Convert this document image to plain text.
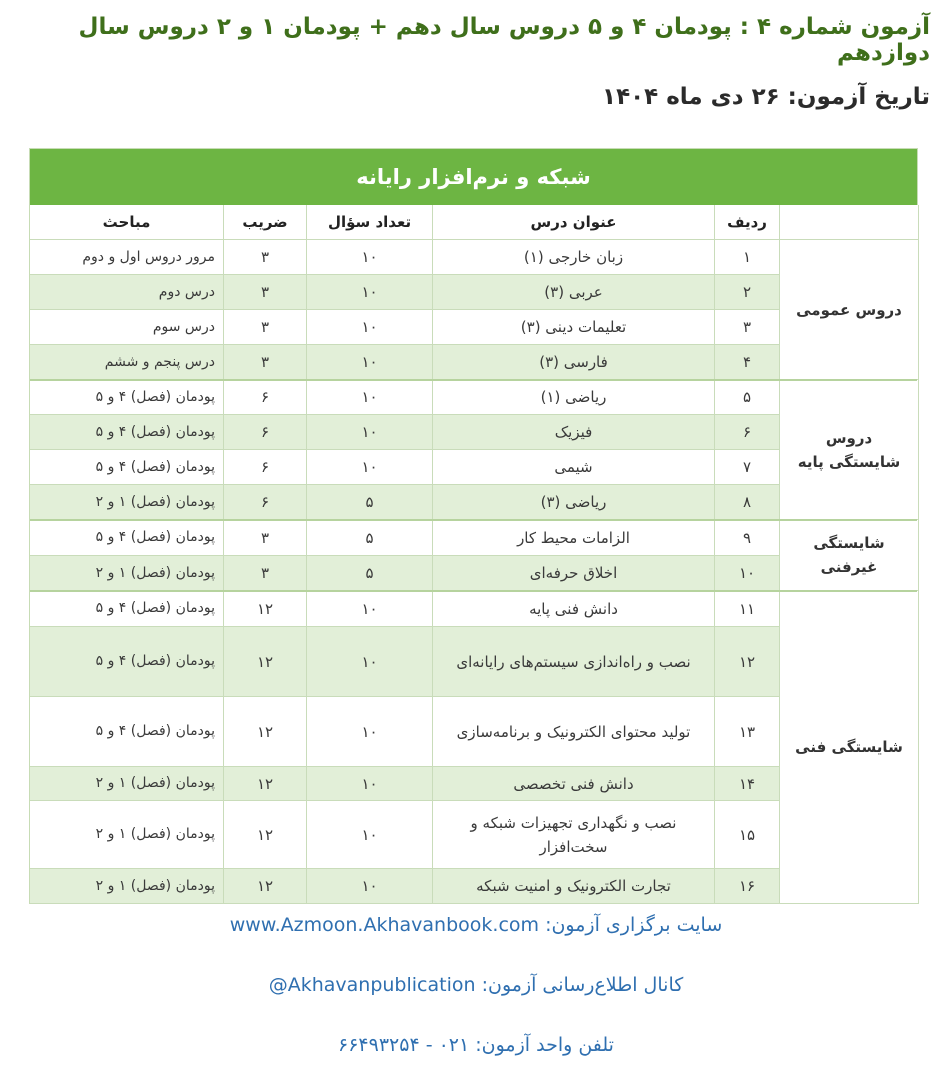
آزمون شماره ۴ : پودمان ۴ و ۵ دروس سال دهم + پودمان ۱ و ۲ دروس سال دوازدهم
تاریخ آزمون: ۲۶ دی ماه ۱۴۰۴
شبکه و نرم‌افزار رایانه
ردیف
عنوان درس
تعداد سؤال
ضریب
مباحث
۱
زبان خارجی (۱)
۱۰
۳
مرور دروس اول و دوم
۲
عربی (۳)
۱۰
۳
درس دوم
۳
تعلیمات دینی (۳)
۱۰
۳
درس سوم
۴
فارسی (۳)
۱۰
۳
درس پنجم و ششم
۵
ریاضی (۱)
۱۰
۶
پودمان (فصل) ۴ و ۵
۶
فیزیک
۱۰
۶
پودمان (فصل) ۴ و ۵
۷
شیمی
۱۰
۶
پودمان (فصل) ۴ و ۵
۸
ریاضی (۳)
۵
۶
پودمان (فصل) ۱ و ۲
۹
الزامات محیط کار
۵
۳
پودمان (فصل) ۴ و ۵
۱۰
اخلاق حرفه‌ای
۵
۳
پودمان (فصل) ۱ و ۲
۱۱
دانش فنی پایه
۱۰
۱۲
پودمان (فصل) ۴ و ۵
۱۲
نصب و راه‌اندازی سیستم‌های رایانه‌ای
۱۰
۱۲
پودمان (فصل) ۴ و ۵
۱۳
تولید محتوای الکترونیک و برنامه‌سازی
۱۰
۱۲
پودمان (فصل) ۴ و ۵
۱۴
دانش فنی تخصصی
۱۰
۱۲
پودمان (فصل) ۱ و ۲
۱۵
نصب و نگهداری تجهیزات شبکه و سخت‌افزار
۱۰
۱۲
پودمان (فصل) ۱ و ۲
۱۶
تجارت الکترونیک و امنیت شبکه
۱۰
۱۲
پودمان (فصل) ۱ و ۲
دروس عمومی
دروس شایستگی پایه
شایستگی غیرفنی
شایستگی فنی
سایت برگزاری آزمون: www.Azmoon.Akhavanbook.com
کانال اطلاع‌رسانی آزمون: @Akhavanpublication
تلفن واحد آزمون: ۰۲۱ - ۶۶۴۹۳۲۵۴
